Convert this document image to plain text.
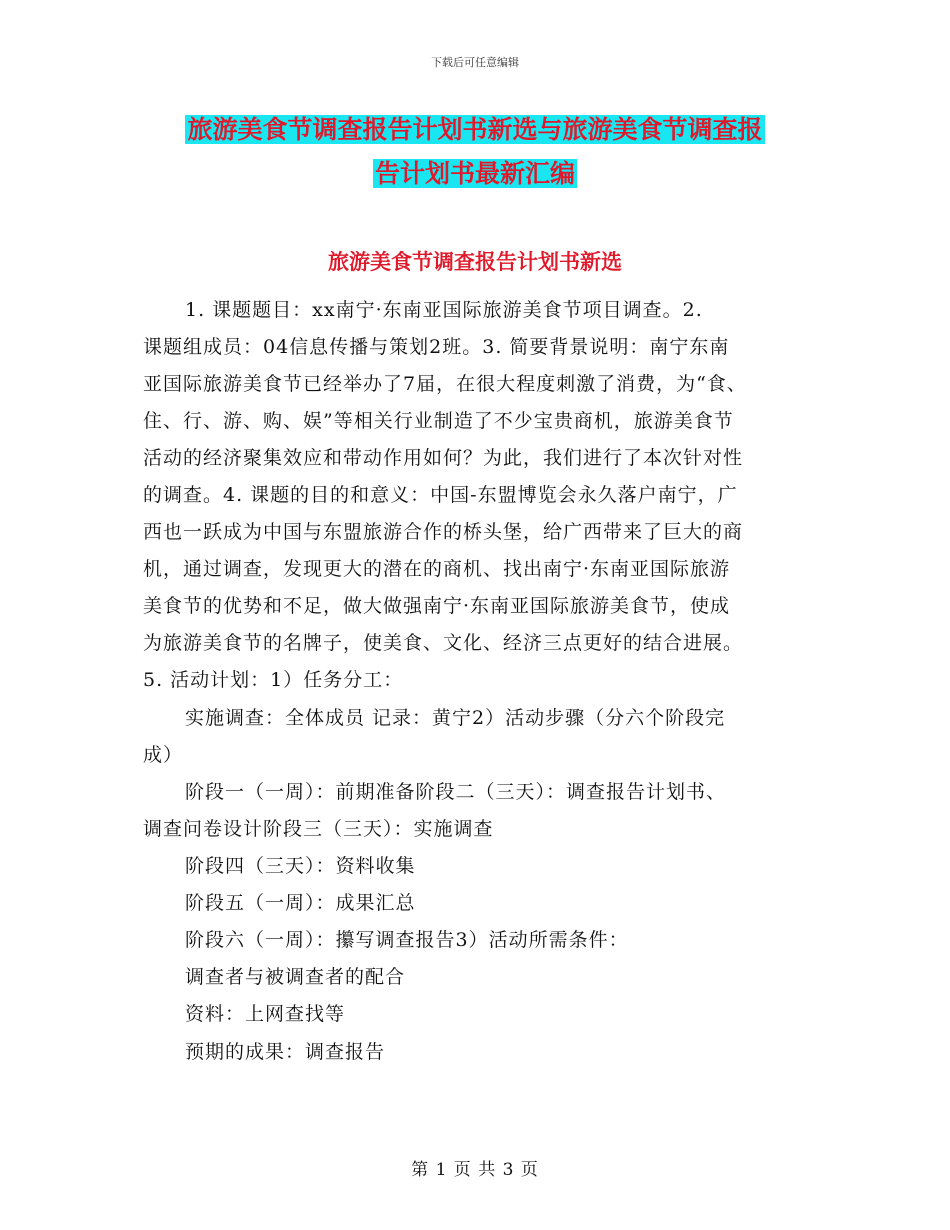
下载后可任意编辑
旅游美食节调查报告计划书新选与旅游美食节调查报
告计划书最新汇编
旅游美食节调查报告计划书新选
1. 课题题目：xx南宁·东南亚国际旅游美食节项目调查。2.
课题组成员：04信息传播与策划2班。3. 简要背景说明：南宁东南
亚国际旅游美食节已经举办了7届，在很大程度刺激了消费，为“食、
住、行、游、购、娱”等相关行业制造了不少宝贵商机，旅游美食节
活动的经济聚集效应和带动作用如何？为此，我们进行了本次针对性
的调查。4. 课题的目的和意义：中国-东盟博览会永久落户南宁，广
西也一跃成为中国与东盟旅游合作的桥头堡，给广西带来了巨大的商
机，通过调查，发现更大的潜在的商机、找出南宁·东南亚国际旅游
美食节的优势和不足，做大做强南宁·东南亚国际旅游美食节，使成
为旅游美食节的名牌子，使美食、文化、经济三点更好的结合进展。
5. 活动计划：1）任务分工：
实施调查：全体成员 记录：黄宁2）活动步骤（分六个阶段完
成）
阶段一（一周）：前期准备阶段二（三天）：调查报告计划书、
调查问卷设计阶段三（三天）：实施调查
阶段四（三天）：资料收集
阶段五（一周）：成果汇总
阶段六（一周）：攥写调查报告3）活动所需条件：
调查者与被调查者的配合
资料：上网查找等
预期的成果：调查报告
第 1 页 共 3 页
